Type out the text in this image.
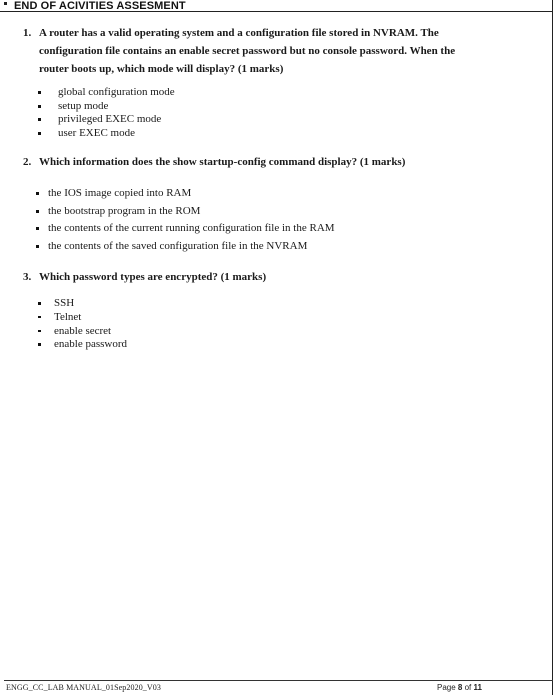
END OF ACIVITIES ASSESMENT
1. A router has a valid operating system and a configuration file stored in NVRAM. The
configuration file contains an enable secret password but no console password. When the
router boots up, which mode will display? (1 marks)
global configuration mode
setup mode
privileged EXEC mode
user EXEC mode
2. Which information does the show startup-config command display? (1 marks)
the IOS image copied into RAM
the bootstrap program in the ROM
the contents of the current running configuration file in the RAM
the contents of the saved configuration file in the NVRAM
3. Which password types are encrypted? (1 marks)
SSH
Telnet
enable secret
enable password
ENGG_CC_LAB MANUAL_01Sep2020_V03	Page 8 of 11
